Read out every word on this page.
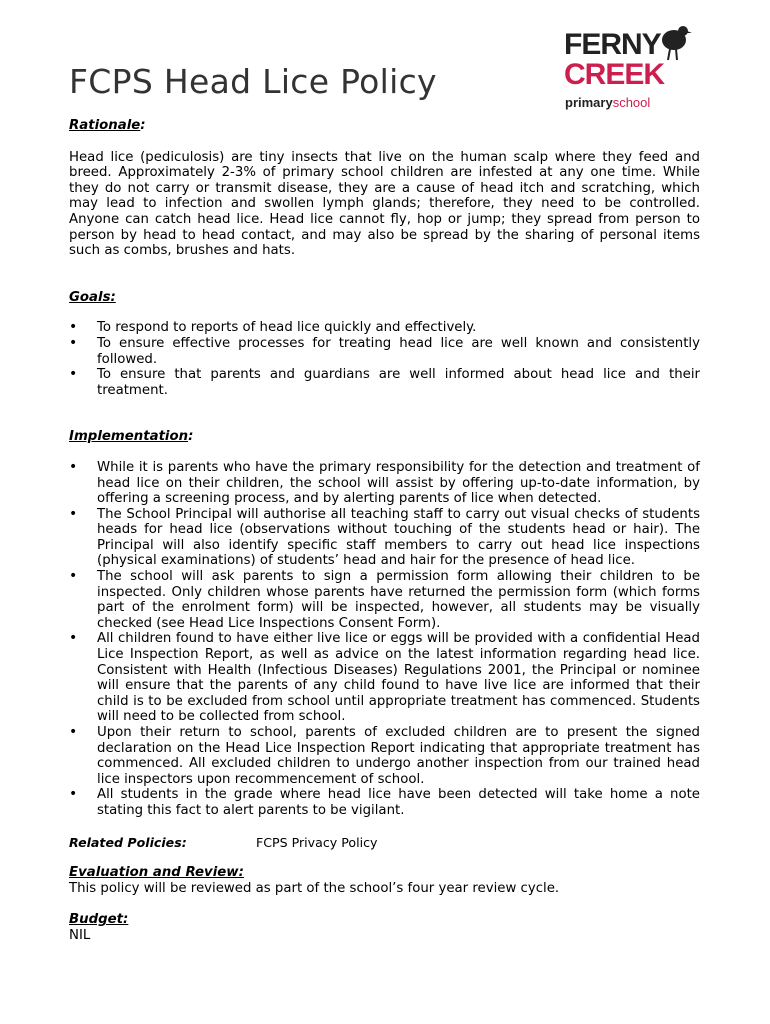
FCPS Head Lice Policy
FERNY
CREEK
primaryschool
Rationale:

Head lice (pediculosis) are tiny insects that live on the human scalp where they feed and breed. Approximately 2-3% of primary school children are infested at any one time. While they do not carry or transmit disease, they are a cause of head itch and scratching, which may lead to infection and swollen lymph glands; therefore, they need to be controlled. Anyone can catch head lice. Head lice cannot fly, hop or jump; they spread from person to person by head to head contact, and may also be spread by the sharing of personal items such as combs, brushes and hats.

Goals:
• To respond to reports of head lice quickly and effectively.
• To ensure effective processes for treating head lice are well known and consistently followed.
• To ensure that parents and guardians are well informed about head lice and their treatment.
Implementation:
• While it is parents who have the primary responsibility for the detection and treatment of head lice on their children, the school will assist by offering up-to-date information, by offering a screening process, and by alerting parents of lice when detected.
• The School Principal will authorise all teaching staff to carry out visual checks of students heads for head lice (observations without touching of the students head or hair). The Principal will also identify specific staff members to carry out head lice inspections (physical examinations) of students’ head and hair for the presence of head lice.
• The school will ask parents to sign a permission form allowing their children to be inspected. Only children whose parents have returned the permission form (which forms part of the enrolment form) will be inspected, however, all students may be visually checked (see Head Lice Inspections Consent Form).
• All children found to have either live lice or eggs will be provided with a confidential Head Lice Inspection Report, as well as advice on the latest information regarding head lice. Consistent with Health (Infectious Diseases) Regulations 2001, the Principal or nominee will ensure that the parents of any child found to have live lice are informed that their child is to be excluded from school until appropriate treatment has commenced. Students will need to be collected from school.
• Upon their return to school, parents of excluded children are to present the signed declaration on the Head Lice Inspection Report indicating that appropriate treatment has commenced. All excluded children to undergo another inspection from our trained head lice inspectors upon recommencement of school.
• All students in the grade where head lice have been detected will take home a note stating this fact to alert parents to be vigilant.
Related Policies:	FCPS Privacy Policy
Evaluation and Review:

This policy will be reviewed as part of the school’s four year review cycle.

Budget:

NIL
